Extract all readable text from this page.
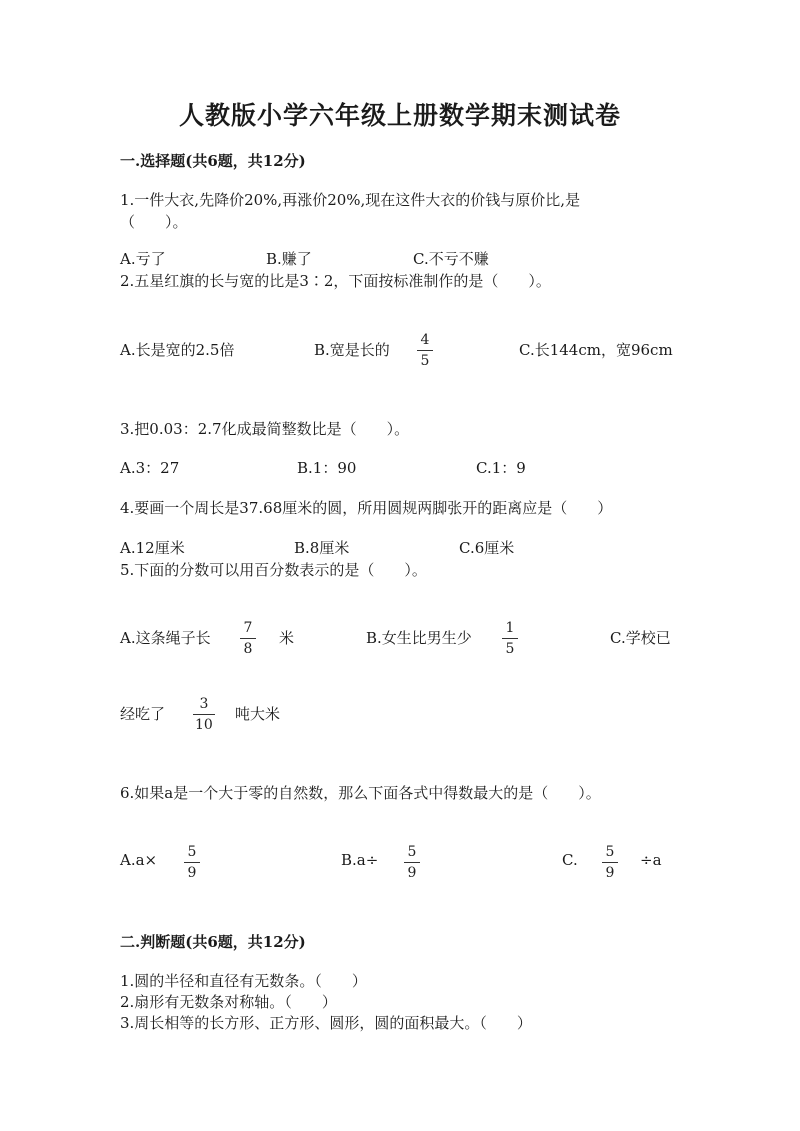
人教版小学六年级上册数学期末测试卷
一.选择题(共6题，共12分)
1.一件大衣,先降价20%,再涨价20%,现在这件大衣的价钱与原价比,是
（　　）。
A.亏了	B.赚了	C.不亏不赚
2.五星红旗的长与宽的比是3∶2，下面按标准制作的是（　　）。
A.长是宽的2.5倍	B.宽是长的
4
5
C.长144cm，宽96cm
3.把0.03：2.7化成最简整数比是（　　）。
A.3：27	B.1：90	C.1：9
4.要画一个周长是37.68厘米的圆，所用圆规两脚张开的距离应是（　　）
A.12厘米	B.8厘米	C.6厘米
5.下面的分数可以用百分数表示的是（　　）。
A.这条绳子长
7
8
米	B.女生比男生少
1
5
C.学校已
经吃了
3
10
吨大米
6.如果a是一个大于零的自然数，那么下面各式中得数最大的是（　　）。
A.a× 5
9
B.a÷ 5
9
C. 5
9
÷a
二.判断题(共6题，共12分)
1.圆的半径和直径有无数条。（　　）
2.扇形有无数条对称轴。（　　）
3.周长相等的长方形、正方形、圆形，圆的面积最大。（　　）
